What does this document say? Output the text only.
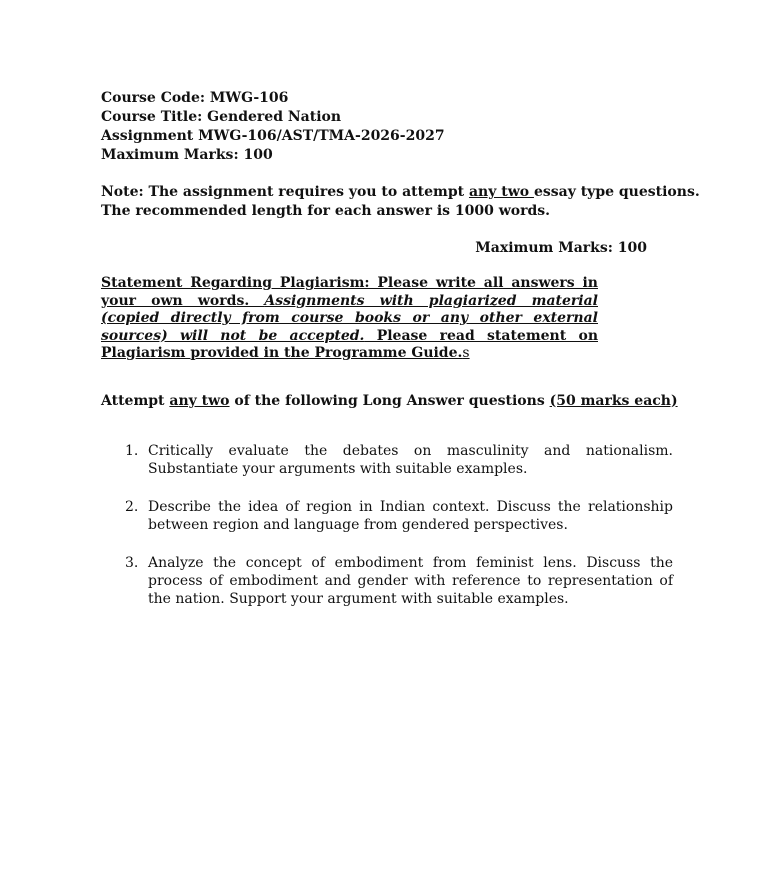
Course Code: MWG-106

Course Title: Gendered Nation

Assignment MWG-106/AST/TMA-2026-2027

Maximum Marks: 100

Note: The assignment requires you to attempt any two essay type questions.
The recommended length for each answer is 1000 words.
Maximum Marks: 100
Statement Regarding Plagiarism: Please write all answers in your own words. Assignments with plagiarized material (copied directly from course books or any other external sources) will not be accepted. Please read statement on Plagiarism provided in the Programme Guide.s
Attempt any two of the following Long Answer questions (50 marks each)
1. Critically evaluate the debates on masculinity and nationalism. Substantiate your arguments with suitable examples.
2. Describe the idea of region in Indian context. Discuss the relationship between region and language from gendered perspectives.
3. Analyze the concept of embodiment from feminist lens. Discuss the process of embodiment and gender with reference to representation of the nation. Support your argument with suitable examples.
